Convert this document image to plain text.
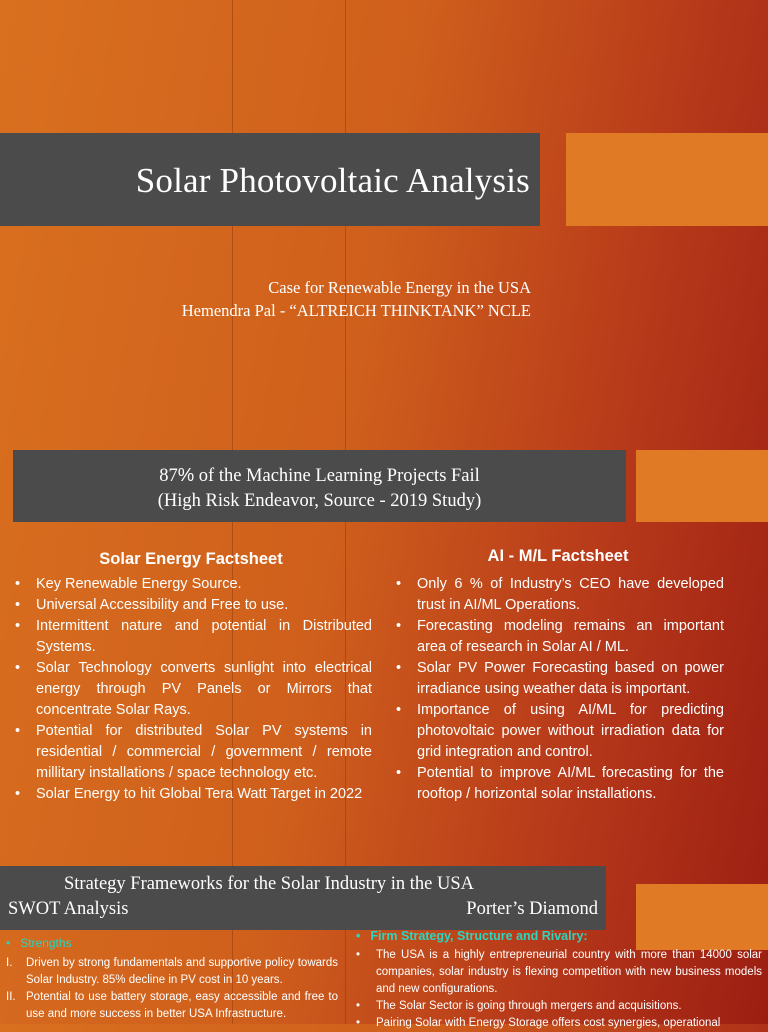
Solar Photovoltaic Analysis
Case for Renewable Energy in the USA
Hemendra Pal - “ALTREICH THINKTANK” NCLE
87% of the Machine Learning Projects Fail
(High Risk Endeavor, Source - 2019 Study)
Solar Energy Factsheet
• Key Renewable Energy Source.
• Universal Accessibility and Free to use.
• Intermittent nature and potential in Distributed Systems.
• Solar Technology converts sunlight into electrical energy through PV Panels or Mirrors that concentrate Solar Rays.
• Potential for distributed Solar PV systems in residential / commercial / government / remote millitary installations / space technology etc.
• Solar Energy to hit Global Tera Watt Target in 2022
AI - M/L Factsheet
• Only 6 % of Industry’s CEO have developed trust in AI/ML Operations.
• Forecasting modeling remains an important area of research in Solar AI / ML.
• Solar PV Power Forecasting based on power irradiance using weather data is important.
• Importance of using AI/ML for predicting photovoltaic power without irradiation data for grid integration and control.
• Potential to improve AI/ML forecasting for the rooftop / horizontal solar installations.
Strategy Frameworks for the Solar Industry in the USA
SWOT Analysis	Porter’s Diamond
• Strengths
I. Driven by strong fundamentals and supportive policy towards Solar Industry. 85% decline in PV cost in 10 years.
II. Potential to use battery storage, easy accessible and free to use and more success in better USA Infrastructure.
• Firm Strategy, Structure and Rivalry:
• The USA is a highly entrepreneurial country with more than 14000 solar companies, solar industry is flexing competition with new business models and new configurations.
• The Solar Sector is going through mergers and acquisitions.
• Pairing Solar with Energy Storage offers cost synergies, operational
